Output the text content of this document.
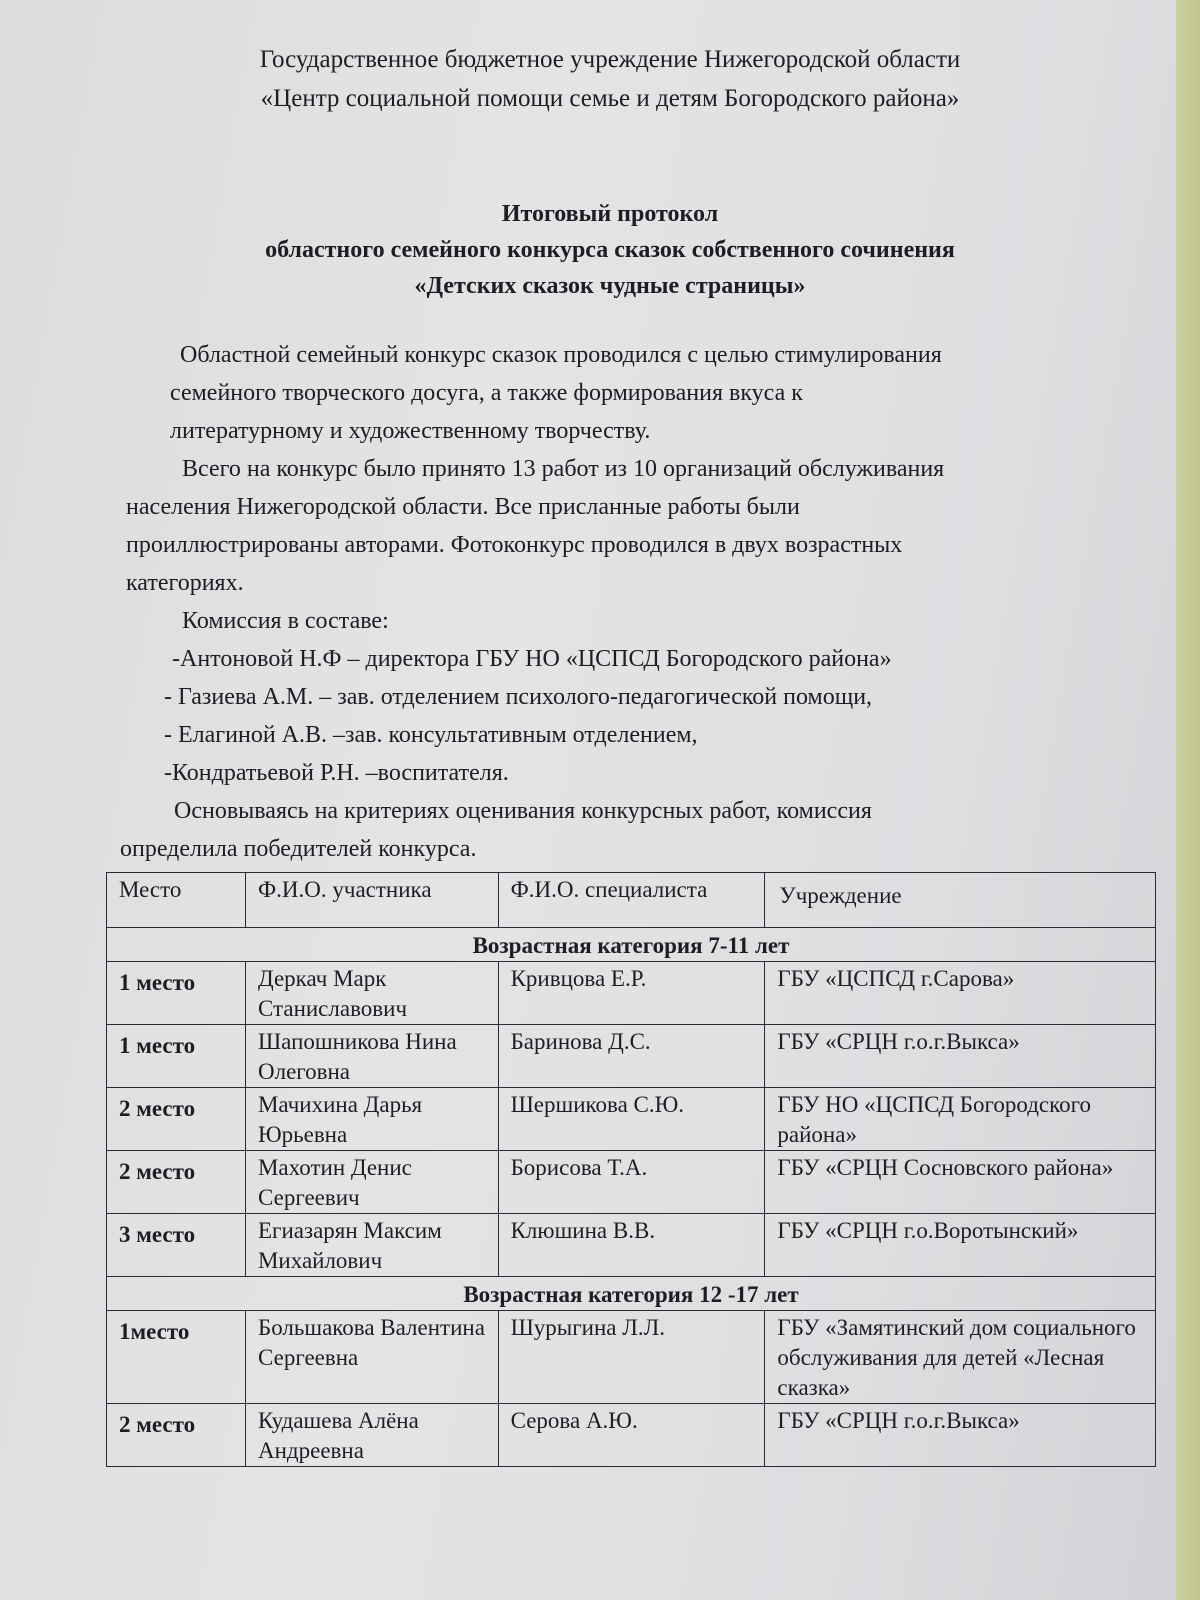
Государственное бюджетное учреждение Нижегородской области
«Центр социальной помощи семье и детям Богородского района»
Итоговый протокол
областного семейного конкурса сказок собственного сочинения
«Детских сказок чудные страницы»
Областной семейный конкурс сказок проводился с целью стимулирования
семейного творческого досуга, а также формирования вкуса к
литературному и художественному творчеству.
Всего на конкурс было принято 13 работ из 10 организаций обслуживания
населения Нижегородской области. Все присланные работы были
проиллюстрированы авторами. Фотоконкурс проводился в двух возрастных
категориях.
Комиссия в составе:
-Антоновой Н.Ф – директора ГБУ НО «ЦСПСД Богородского района»
- Газиева А.М. – зав. отделением психолого-педагогической помощи,
- Елагиной А.В. –зав. консультативным отделением,
-Кондратьевой Р.Н. –воспитателя.
Основываясь на критериях оценивания конкурсных работ, комиссия
определила победителей конкурса.
Место	Ф.И.О. участника	Ф.И.О. специалиста	Учреждение
Возрастная категория 7-11 лет			
1 место	Деркач Марк Станиславович	Кривцова Е.Р.	ГБУ «ЦСПСД г.Сарова»
1 место	Шапошникова Нина Олеговна	Баринова Д.С.	ГБУ «СРЦН г.о.г.Выкса»
2 место	Мачихина Дарья Юрьевна	Шершикова С.Ю.	ГБУ НО «ЦСПСД Богородского района»
2 место	Махотин Денис Сергеевич	Борисова Т.А.	ГБУ «СРЦН Сосновского района»
3 место	Егиазарян Максим Михайлович	Клюшина В.В.	ГБУ «СРЦН г.о.Воротынский»
Возрастная категория 12 -17 лет			
1место	Большакова Валентина Сергеевна	Шурыгина Л.Л.	ГБУ «Замятинский дом социального обслуживания для детей «Лесная сказка»
2 место	Кудашева Алёна Андреевна	Серова А.Ю.	ГБУ «СРЦН г.о.г.Выкса»
